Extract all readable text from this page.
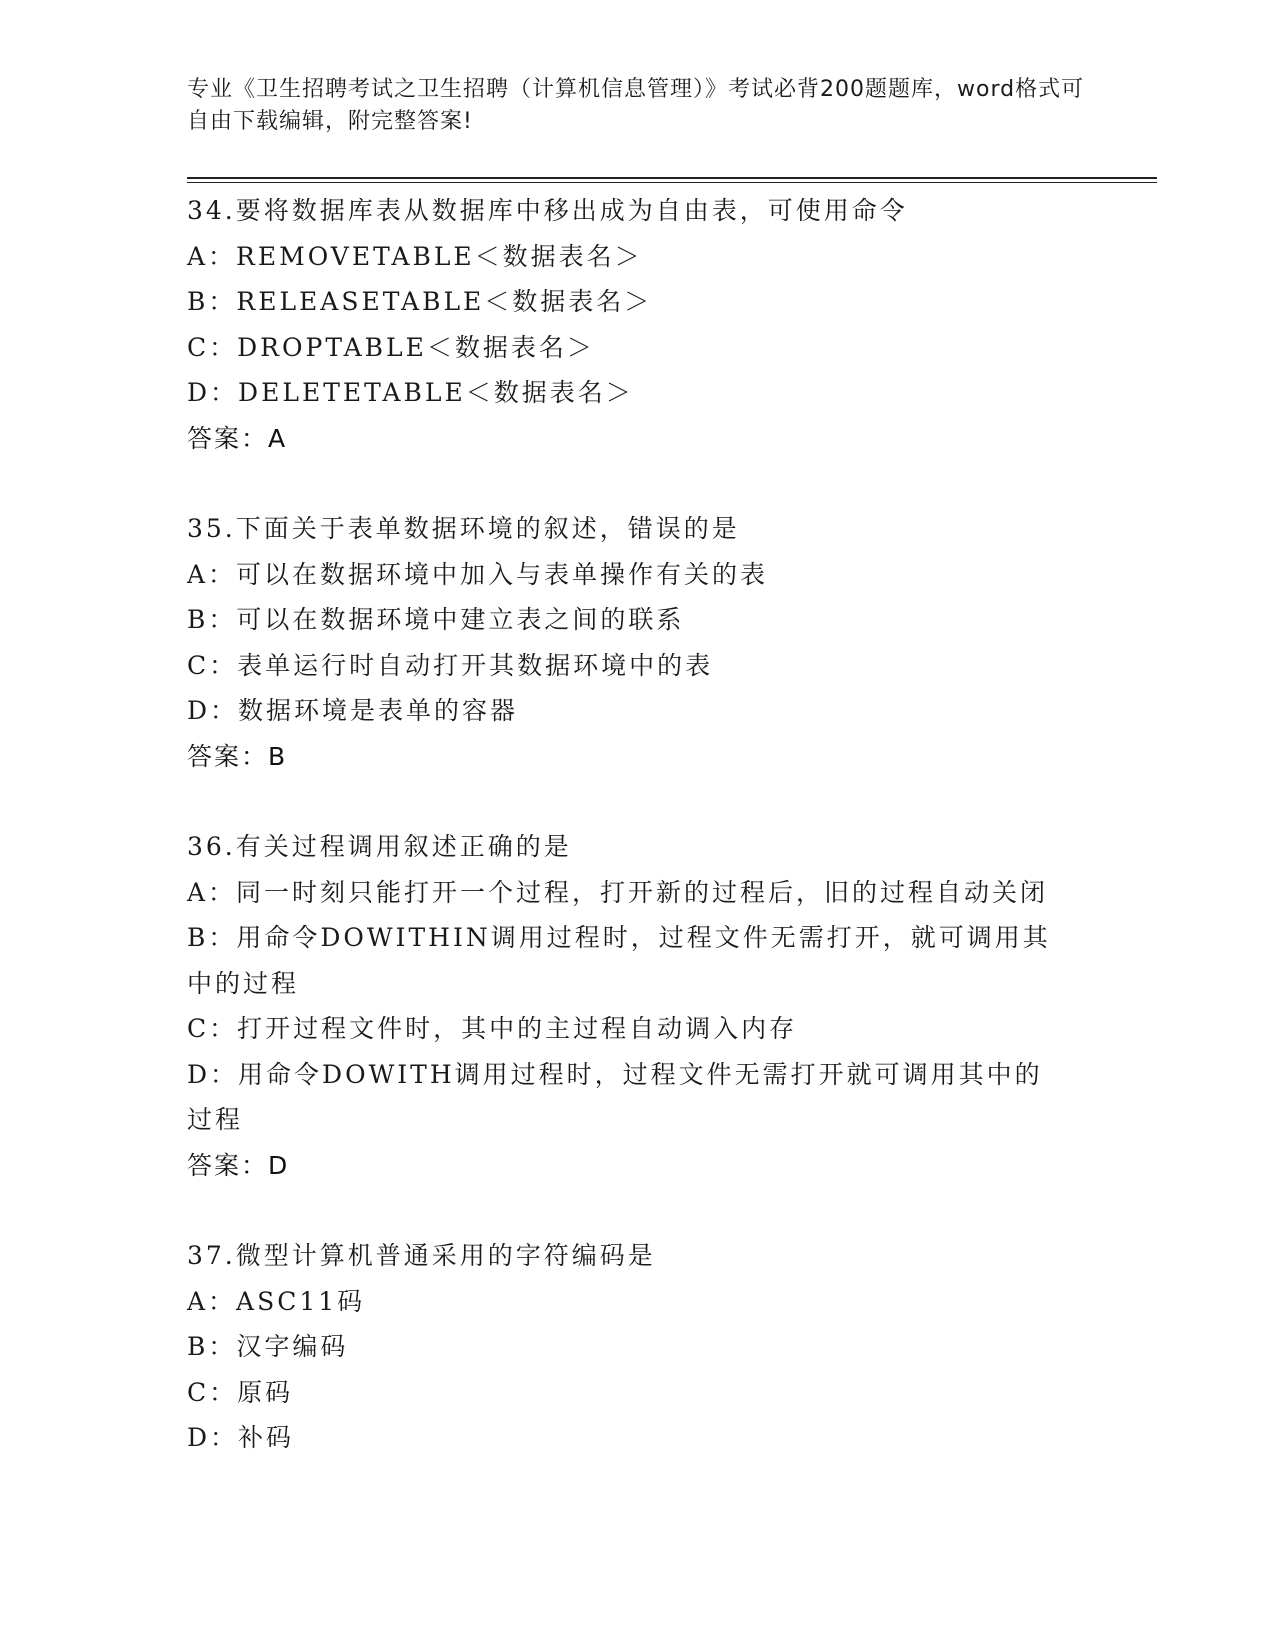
专业《卫生招聘考试之卫生招聘（计算机信息管理）》考试必背200题题库，word格式可自由下载编辑，附完整答案!
34.要将数据库表从数据库中移出成为自由表，可使用命令
A：REMOVETABLE＜数据表名＞
B：RELEASETABLE＜数据表名＞
C：DROPTABLE＜数据表名＞
D：DELETETABLE＜数据表名＞
答案：A
35.下面关于表单数据环境的叙述，错误的是
A：可以在数据环境中加入与表单操作有关的表
B：可以在数据环境中建立表之间的联系
C：表单运行时自动打开其数据环境中的表
D：数据环境是表单的容器
答案：B
36.有关过程调用叙述正确的是
A：同一时刻只能打开一个过程，打开新的过程后，旧的过程自动关闭
B：用命令DOWITHIN调用过程时，过程文件无需打开，就可调用其中的过程
C：打开过程文件时，其中的主过程自动调入内存
D：用命令DOWITH调用过程时，过程文件无需打开就可调用其中的过程
答案：D
37.微型计算机普通采用的字符编码是
A：ASC11码
B：汉字编码
C：原码
D：补码
